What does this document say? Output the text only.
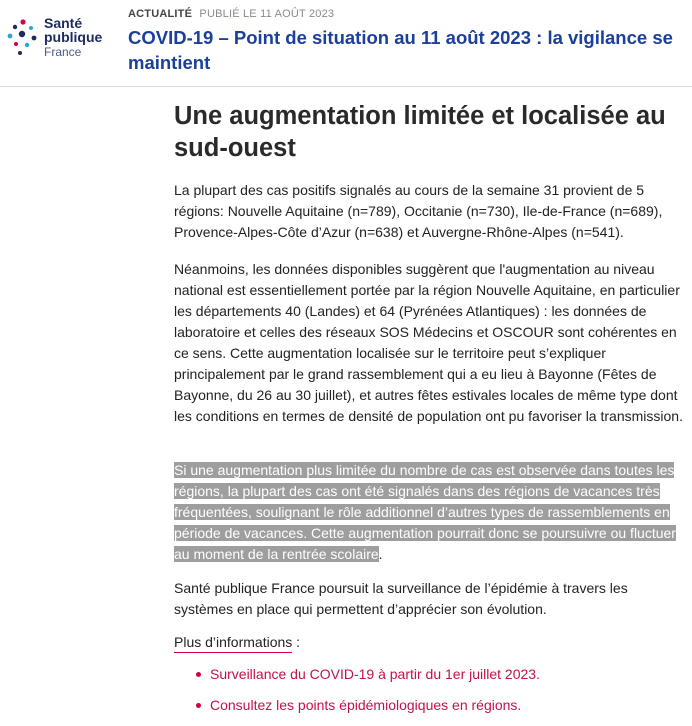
Santé
publique
France
ACTUALITÉ PUBLIÉ LE 11 AOÛT 2023
COVID-19 – Point de situation au 11 août 2023 : la vigilance se maintient
Une augmentation limitée et localisée au sud-ouest

La plupart des cas positifs signalés au cours de la semaine 31 provient de 5 régions: Nouvelle Aquitaine (n=789), Occitanie (n=730), Ile-de-France (n=689), Provence-Alpes-Côte d’Azur (n=638) et Auvergne-Rhône-Alpes (n=541).

Néanmoins, les données disponibles suggèrent que l'augmentation au niveau national est essentiellement portée par la région Nouvelle Aquitaine, en particulier les départements 40 (Landes) et 64 (Pyrénées Atlantiques) : les données de laboratoire et celles des réseaux SOS Médecins et OSCOUR sont cohérentes en ce sens. Cette augmentation localisée sur le territoire peut s’expliquer principalement par le grand rassemblement qui a eu lieu à Bayonne (Fêtes de Bayonne, du 26 au 30 juillet), et autres fêtes estivales locales de même type dont les conditions en termes de densité de population ont pu favoriser la transmission.

Si une augmentation plus limitée du nombre de cas est observée dans toutes les régions, la plupart des cas ont été signalés dans des régions de vacances très fréquentées, soulignant le rôle additionnel d’autres types de rassemblements en période de vacances. Cette augmentation pourrait donc se poursuivre ou fluctuer au moment de la rentrée scolaire.

Santé publique France poursuit la surveillance de l’épidémie à travers les systèmes en place qui permettent d’apprécier son évolution.

Plus d’informations :
Surveillance du COVID-19 à partir du 1er juillet 2023.
Consultez les points épidémiologiques en régions.
